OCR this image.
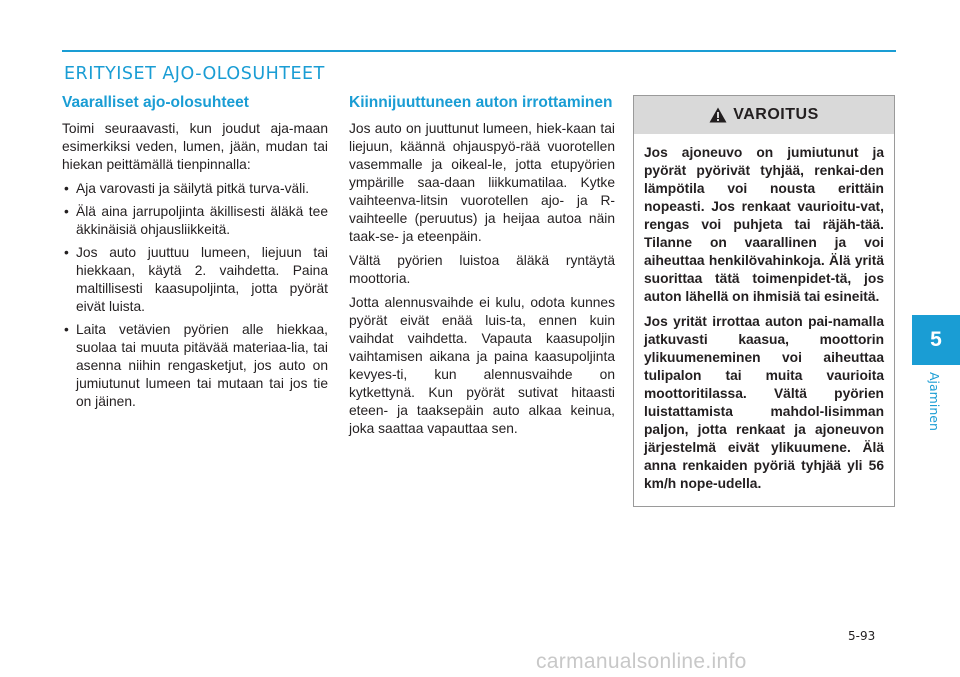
ERITYISET AJO-OLOSUHTEET
Vaaralliset ajo-olosuhteet

Toimi seuraavasti, kun joudut aja-maan esimerkiksi veden, lumen, jään, mudan tai hiekan peittämällä tienpinnalla:

• Aja varovasti ja säilytä pitkä turva-väli.
• Älä aina jarrupoljinta äkillisesti äläkä tee äkkinäisiä ohjausliikkeitä.
• Jos auto juuttuu lumeen, liejuun tai hiekkaan, käytä 2. vaihdetta. Paina maltillisesti kaasupoljinta, jotta pyörät eivät luista.
• Laita vetävien pyörien alle hiekkaa, suolaa tai muuta pitävää materiaa-lia, tai asenna niihin rengasketjut, jos auto on jumiutunut lumeen tai mutaan tai jos tie on jäinen.
Kiinnijuuttuneen auton irrottaminen

Jos auto on juuttunut lumeen, hiek-kaan tai liejuun, käännä ohjauspyö-rää vuorotellen vasemmalle ja oikeal-le, jotta etupyörien ympärille saa-daan liikkumatilaa. Kytke vaihteenva-litsin vuorotellen ajo- ja R-vaihteelle (peruutus) ja heijaa autoa näin taak-se- ja eteenpäin.

Vältä pyörien luistoa äläkä ryntäytä moottoria.

Jotta alennusvaihde ei kulu, odota kunnes pyörät eivät enää luis-ta, ennen kuin vaihdat vaihdetta. Vapauta kaasupoljin vaihtamisen aikana ja paina kaasupoljinta kevyes-ti, kun alennusvaihde on kytkettynä. Kun pyörät sutivat hitaasti eteen- ja taaksepäin auto alkaa keinua, joka saattaa vapauttaa sen.

VAROITUS

Jos ajoneuvo on jumiutunut ja pyörät pyörivät tyhjää, renkai-den lämpötila voi nousta erittäin nopeasti. Jos renkaat vaurioitu-vat, rengas voi puhjeta tai räjäh-tää. Tilanne on vaarallinen ja voi aiheuttaa henkilövahinkoja. Älä yritä suorittaa tätä toimenpidet-tä, jos auton lähellä on ihmisiä tai esineitä.

Jos yrität irrottaa auton pai-namalla jatkuvasti kaasua, moottorin ylikuumeneminen voi aiheuttaa tulipalon tai muita vaurioita moottoritilassa. Vältä pyörien luistattamista mahdol-lisimman paljon, jotta renkaat ja ajoneuvon järjestelmä eivät ylikuumene. Älä anna renkaiden pyöriä tyhjää yli 56 km/h nope-udella.

5
Ajaminen
5-93
carmanualsonline.info
